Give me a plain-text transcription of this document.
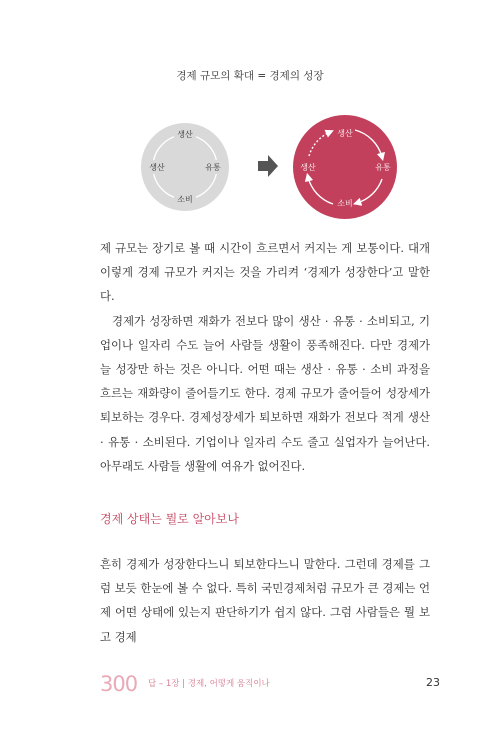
경제 규모의 확대 = 경제의 성장
생산
생산	유통
소비
생산
생산	유통
소비

제 규모는 장기로 볼 때 시간이 흐르면서 커지는 게 보통이다. 대개 이렇게 경제 규모가 커지는 것을 가리켜 ‘경제가 성장한다’고 말한다.

경제가 성장하면 재화가 전보다 많이 생산 · 유통 · 소비되고, 기업이나 일자리 수도 늘어 사람들 생활이 풍족해진다. 다만 경제가 늘 성장만 하는 것은 아니다. 어떤 때는 생산 · 유통 · 소비 과정을 흐르는 재화량이 줄어들기도 한다. 경제 규모가 줄어들어 성장세가 퇴보하는 경우다. 경제성장세가 퇴보하면 재화가 전보다 적게 생산 · 유통 · 소비된다. 기업이나 일자리 수도 줄고 실업자가 늘어난다. 아무래도 사람들 생활에 여유가 없어진다.

경제 상태는 뭘로 알아보나

흔히 경제가 성장한다느니 퇴보한다느니 말한다. 그런데 경제를 그럼 보듯 한눈에 볼 수 없다. 특히 국민경제처럼 규모가 큰 경제는 언제 어떤 상태에 있는지 판단하기가 쉽지 않다. 그럼 사람들은 뭘 보고 경제

300 답 – 1장 | 경제, 어떻게 움직이나	23
